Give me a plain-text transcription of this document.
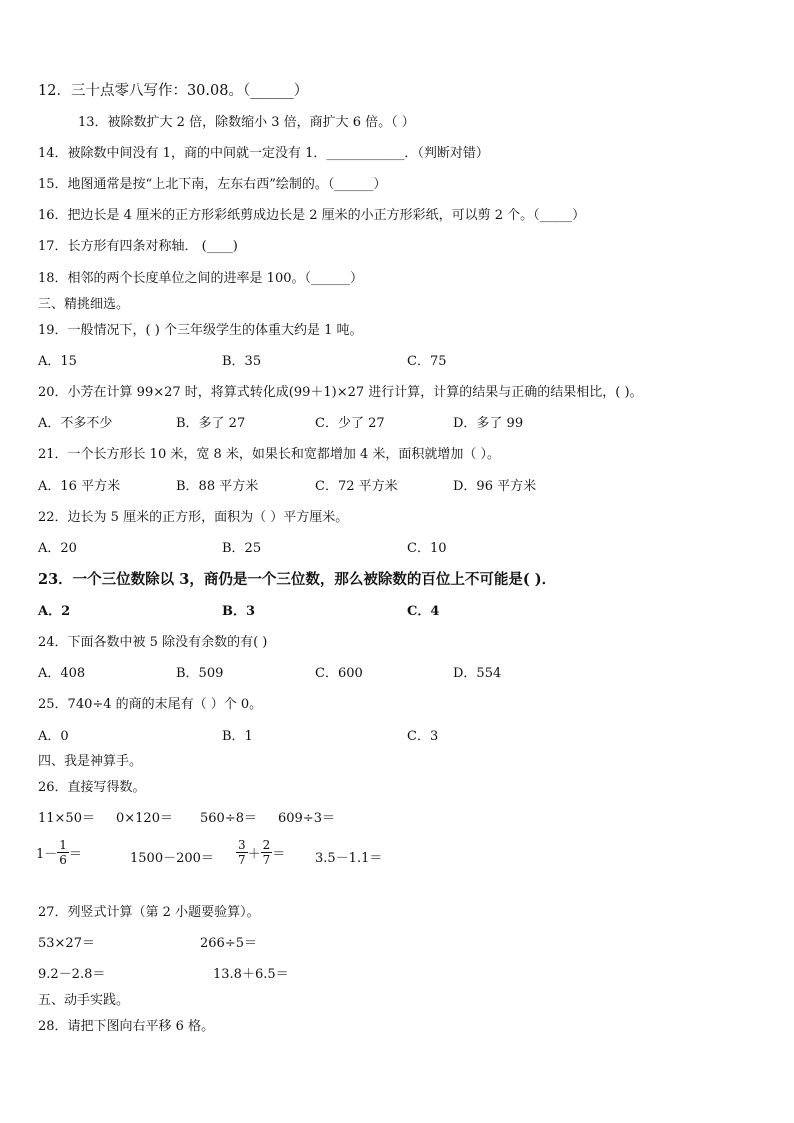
12．三十点零八写作：30.08。（______）
13．被除数扩大 2 倍，除数缩小 3 倍，商扩大 6 倍。（ ）
14．被除数中间没有 1，商的中间就一定没有 1．____________．（判断对错）
15．地图通常是按“上北下南，左东右西”绘制的。（______）
16．把边长是 4 厘米的正方形彩纸剪成边长是 2 厘米的小正方形彩纸，可以剪 2 个。（_____）
17．长方形有四条对称轴． (____)
18．相邻的两个长度单位之间的进率是 100。（______）
三、精挑细选。
19．一般情况下，( ) 个三年级学生的体重大约是 1 吨。
A．15	B．35	C．75
20．小芳在计算 99×27 时，将算式转化成(99＋1)×27 进行计算，计算的结果与正确的结果相比，( )。
A．不多不少	B．多了 27	C．少了 27	D．多了 99
21．一个长方形长 10 米，宽 8 米，如果长和宽都增加 4 米，面积就增加（ ）。
A．16 平方米	B．88 平方米	C．72 平方米	D．96 平方米
22．边长为 5 厘米的正方形，面积为（ ）平方厘米。
A．20	B．25	C．10
23．一个三位数除以 3，商仍是一个三位数，那么被除数的百位上不可能是( )．
A．2	B．3	C．4
24．下面各数中被 5 除没有余数的有( )
A．408	B．509	C．600	D．554
25．740÷4 的商的末尾有（ ）个 0。
A．0	B．1	C．3
四、我是神算手。
26．直接写得数。
11×50＝ 0×120＝ 560÷8＝ 609÷3＝
$1- \frac{1}{6}$ ＝	$1500-200= \frac{3}{7} + \frac{2}{7} = 3.5-1.1=$
27．列竖式计算（第 2 小题要验算）。
53×27＝	266÷5＝
9.2－2.8＝	13.8＋6.5＝
五、动手实践。
28．请把下图向右平移 6 格。
